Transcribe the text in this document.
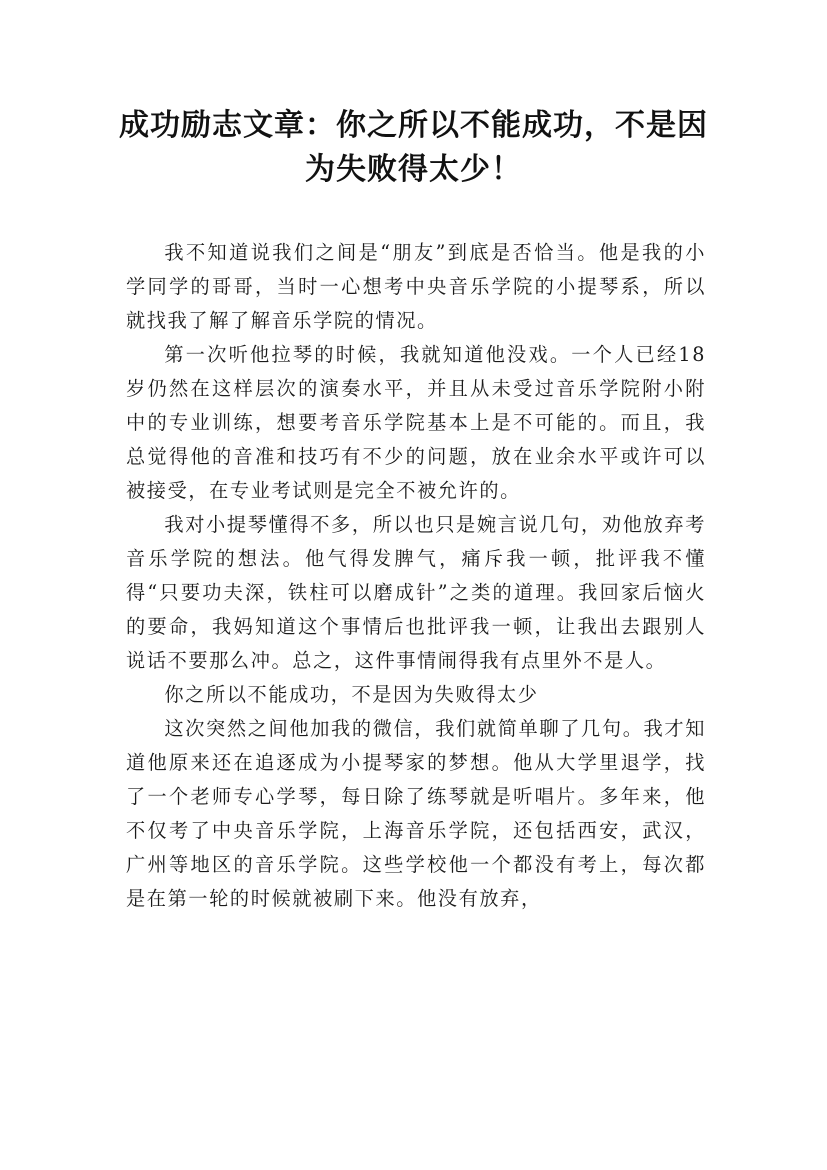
成功励志文章：你之所以不能成功，不是因
为失败得太少！

我不知道说我们之间是“朋友”到底是否恰当。他是我的小学同学的哥哥，当时一心想考中央音乐学院的小提琴系，所以就找我了解了解音乐学院的情况。

第一次听他拉琴的时候，我就知道他没戏。一个人已经18岁仍然在这样层次的演奏水平，并且从未受过音乐学院附小附中的专业训练，想要考音乐学院基本上是不可能的。而且，我总觉得他的音准和技巧有不少的问题，放在业余水平或许可以被接受，在专业考试则是完全不被允许的。

我对小提琴懂得不多，所以也只是婉言说几句，劝他放弃考音乐学院的想法。他气得发脾气，痛斥我一顿，批评我不懂得“只要功夫深，铁柱可以磨成针”之类的道理。我回家后恼火的要命，我妈知道这个事情后也批评我一顿，让我出去跟别人说话不要那么冲。总之，这件事情闹得我有点里外不是人。

你之所以不能成功，不是因为失败得太少

这次突然之间他加我的微信，我们就简单聊了几句。我才知道他原来还在追逐成为小提琴家的梦想。他从大学里退学，找了一个老师专心学琴，每日除了练琴就是听唱片。多年来，他不仅考了中央音乐学院，上海音乐学院，还包括西安，武汉，广州等地区的音乐学院。这些学校他一个都没有考上，每次都是在第一轮的时候就被刷下来。他没有放弃，
